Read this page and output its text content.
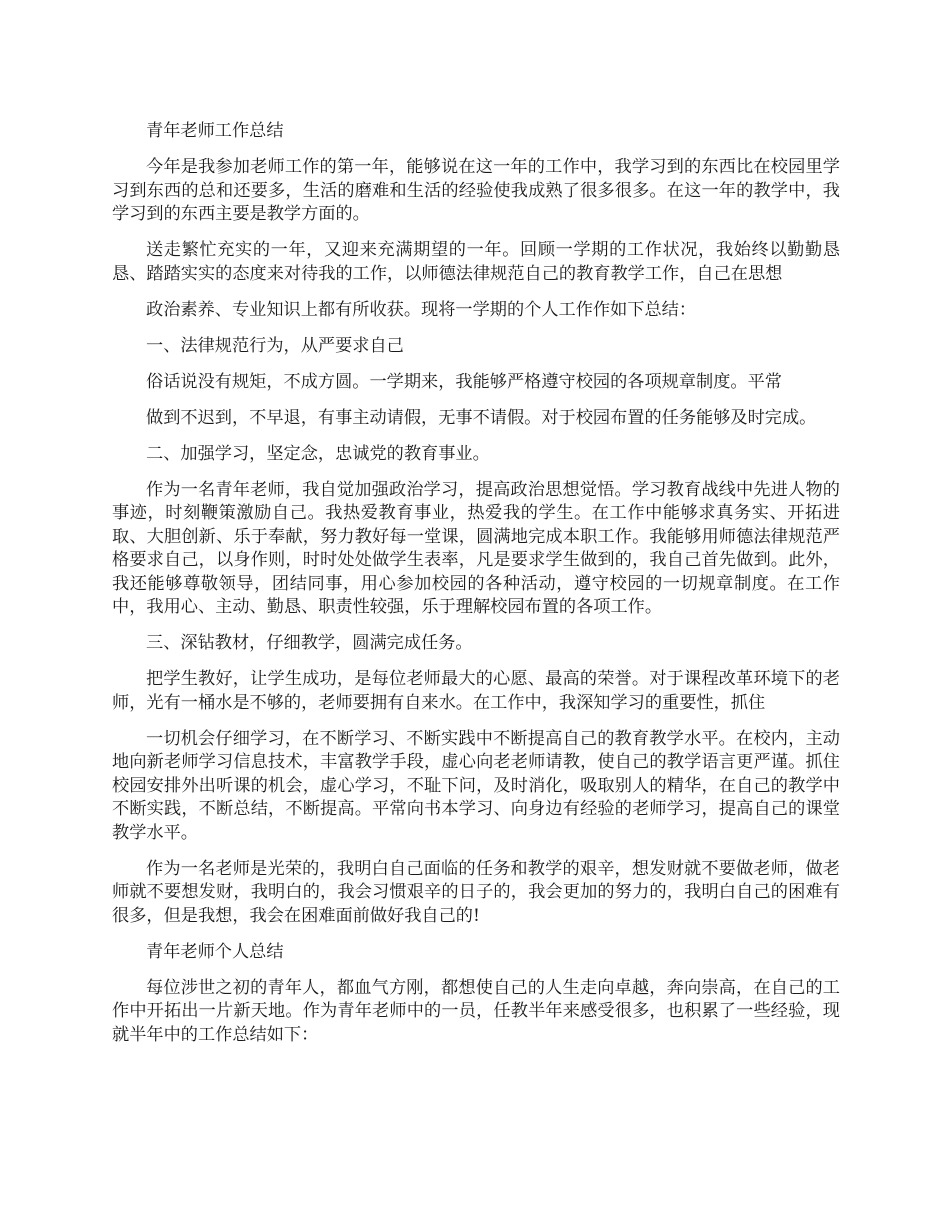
青年老师工作总结

今年是我参加老师工作的第一年，能够说在这一年的工作中，我学习到的东西比在校园里学习到东西的总和还要多，生活的磨难和生活的经验使我成熟了很多很多。在这一年的教学中，我学习到的东西主要是教学方面的。

送走繁忙充实的一年，又迎来充满期望的一年。回顾一学期的工作状况，我始终以勤勤恳恳、踏踏实实的态度来对待我的工作，以师德法律规范自己的教育教学工作，自己在思想

政治素养、专业知识上都有所收获。现将一学期的个人工作作如下总结：

一、法律规范行为，从严要求自己

俗话说没有规矩，不成方圆。一学期来，我能够严格遵守校园的各项规章制度。平常

做到不迟到，不早退，有事主动请假，无事不请假。对于校园布置的任务能够及时完成。

二、加强学习，坚定念，忠诚党的教育事业。

作为一名青年老师，我自觉加强政治学习，提高政治思想觉悟。学习教育战线中先进人物的事迹，时刻鞭策激励自己。我热爱教育事业，热爱我的学生。在工作中能够求真务实、开拓进取、大胆创新、乐于奉献，努力教好每一堂课，圆满地完成本职工作。我能够用师德法律规范严格要求自己，以身作则，时时处处做学生表率，凡是要求学生做到的，我自己首先做到。此外，我还能够尊敬领导，团结同事，用心参加校园的各种活动，遵守校园的一切规章制度。在工作中，我用心、主动、勤恳、职责性较强，乐于理解校园布置的各项工作。

三、深钻教材，仔细教学，圆满完成任务。

把学生教好，让学生成功，是每位老师最大的心愿、最高的荣誉。对于课程改革环境下的老师，光有一桶水是不够的，老师要拥有自来水。在工作中，我深知学习的重要性，抓住

一切机会仔细学习，在不断学习、不断实践中不断提高自己的教育教学水平。在校内，主动地向新老师学习信息技术，丰富教学手段，虚心向老老师请教，使自己的教学语言更严谨。抓住校园安排外出听课的机会，虚心学习，不耻下问，及时消化，吸取别人的精华，在自己的教学中不断实践，不断总结，不断提高。平常向书本学习、向身边有经验的老师学习，提高自己的课堂教学水平。

作为一名老师是光荣的，我明白自己面临的任务和教学的艰辛，想发财就不要做老师，做老师就不要想发财，我明白的，我会习惯艰辛的日子的，我会更加的努力的，我明白自己的困难有很多，但是我想，我会在困难面前做好我自己的!

青年老师个人总结

每位涉世之初的青年人，都血气方刚，都想使自己的人生走向卓越，奔向崇高，在自己的工作中开拓出一片新天地。作为青年老师中的一员，任教半年来感受很多，也积累了一些经验，现就半年中的工作总结如下：
